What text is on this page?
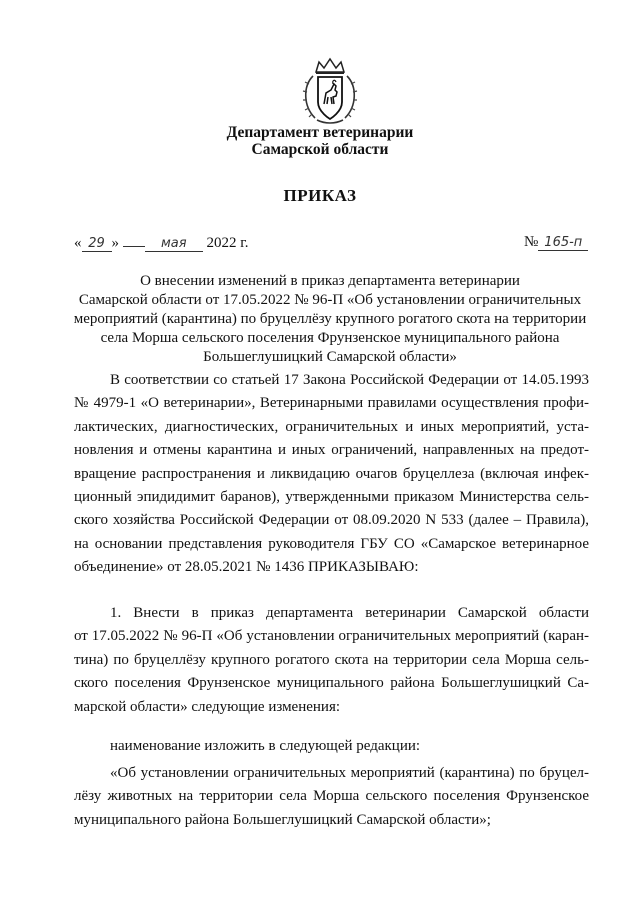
Департамент ветеринарии
Самарской области
ПРИКАЗ
« 29 »	мая 2022 г.	№ 165-п
О внесении изменений в приказ департамента ветеринарии
Самарской области от 17.05.2022 № 96-П «Об установлении ограничительных
мероприятий (карантина) по бруцеллёзу крупного рогатого скота на территории
села Морша сельского поселения Фрунзенское муниципального района
Большеглушицкий Самарской области»
В соответствии со статьей 17 Закона Российской Федерации от 14.05.1993
№ 4979-1 «О ветеринарии», Ветеринарными правилами осуществления профи-
лактических, диагностических, ограничительных и иных мероприятий, уста-
новления и отмены карантина и иных ограничений, направленных на предот-
вращение распространения и ликвидацию очагов бруцеллеза (включая инфек-
ционный эпидидимит баранов), утвержденными приказом Министерства сель-
ского хозяйства Российской Федерации от 08.09.2020 N 533 (далее – Правила),
на основании представления руководителя ГБУ СО «Самарское ветеринарное
объединение» от 28.05.2021 № 1436 ПРИКАЗЫВАЮ:
1. Внести в приказ департамента ветеринарии Самарской области
от 17.05.2022 № 96-П «Об установлении ограничительных мероприятий (каран-
тина) по бруцеллёзу крупного рогатого скота на территории села Морша сель-
ского поселения Фрунзенское муниципального района Большеглушицкий Са-
марской области» следующие изменения:
наименование изложить в следующей редакции:
«Об установлении ограничительных мероприятий (карантина) по бруцел-
лёзу животных на территории села Морша сельского поселения Фрунзенское
муниципального района Большеглушицкий Самарской области»;
